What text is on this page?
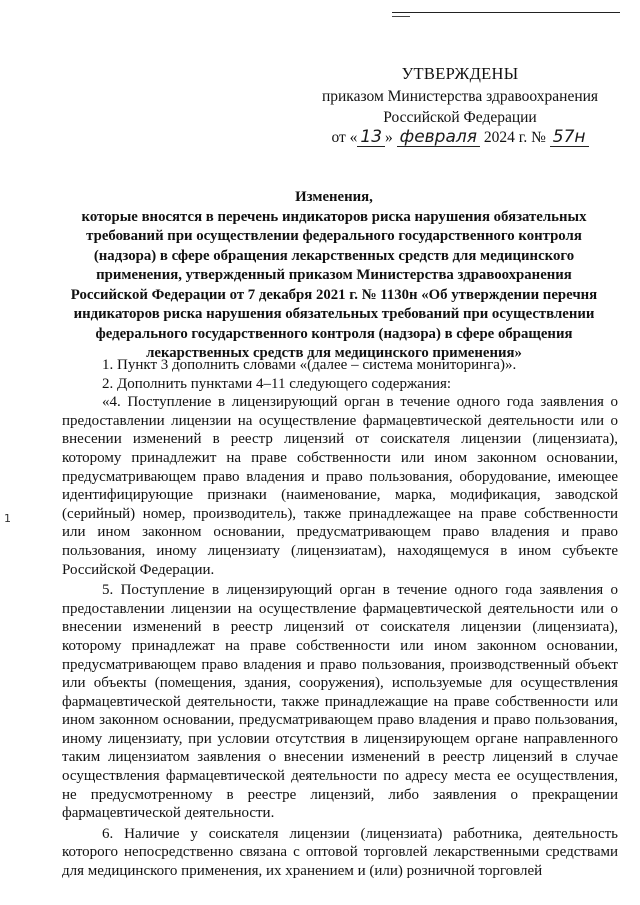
УТВЕРЖДЕНЫ
приказом Министерства здравоохранения
Российской Федерации
от « 13 » февраля 2024 г. № 57н

Изменения,

которые вносятся в перечень индикаторов риска нарушения обязательных

требований при осуществлении федерального государственного контроля

(надзора) в сфере обращения лекарственных средств для медицинского

применения, утвержденный приказом Министерства здравоохранения

Российской Федерации от 7 декабря 2021 г. № 1130н «Об утверждении перечня

индикаторов риска нарушения обязательных требований при осуществлении

федерального государственного контроля (надзора) в сфере обращения

лекарственных средств для медицинского применения»

1. Пункт 3 дополнить словами «(далее – система мониторинга)».

2. Дополнить пунктами 4–11 следующего содержания:

«4. Поступление в лицензирующий орган в течение одного года заявления о предоставлении лицензии на осуществление фармацевтической деятельности или о внесении изменений в реестр лицензий от соискателя лицензии (лицензиата), которому принадлежит на праве собственности или ином законном основании, предусматривающем право владения и право пользования, оборудование, имеющее идентифицирующие признаки (наименование, марка, модификация, заводской (серийный) номер, производитель), также принадлежащее на праве собственности или ином законном основании, предусматривающем право владения и право пользования, иному лицензиату (лицензиатам), находящемуся в ином субъекте Российской Федерации.

5. Поступление в лицензирующий орган в течение одного года заявления о предоставлении лицензии на осуществление фармацевтической деятельности или о внесении изменений в реестр лицензий от соискателя лицензии (лицензиата), которому принадлежат на праве собственности или ином законном основании, предусматривающем право владения и право пользования, производственный объект или объекты (помещения, здания, сооружения), используемые для осуществления фармацевтической деятельности, также принадлежащие на праве собственности или ином законном основании, предусматривающем право владения и право пользования, иному лицензиату, при условии отсутствия в лицензирующем органе направленного таким лицензиатом заявления о внесении изменений в реестр лицензий в случае осуществления фармацевтической деятельности по адресу места ее осуществления, не предусмотренному в реестре лицензий, либо заявления о прекращении фармацевтической деятельности.

6. Наличие у соискателя лицензии (лицензиата) работника, деятельность которого непосредственно связана с оптовой торговлей лекарственными средствами для медицинского применения, их хранением и (или) розничной торговлей

1
